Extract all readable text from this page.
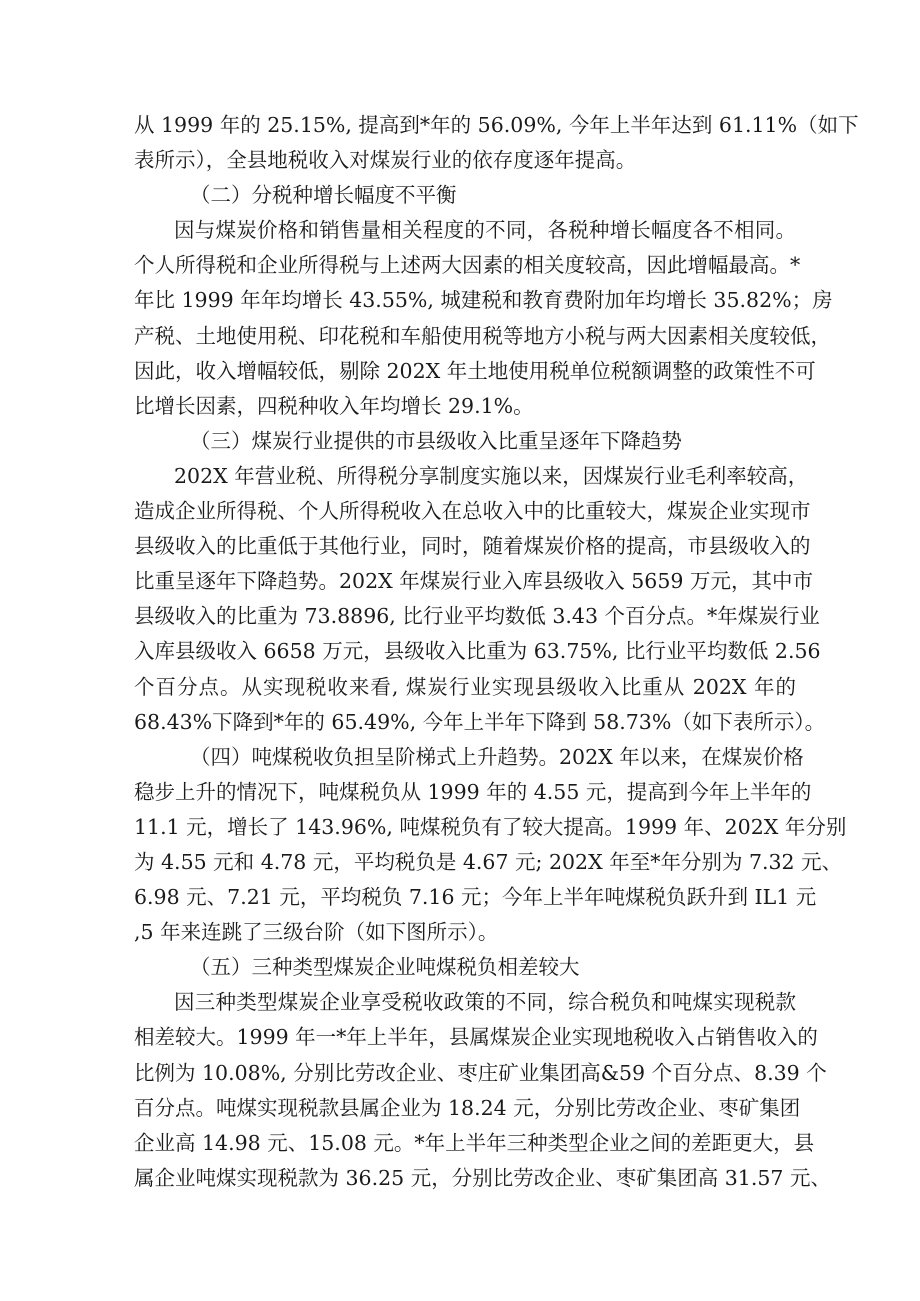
从 1999 年的 25.15%, 提高到*年的 56.09%, 今年上半年达到 61.11%（如下
表所示），全县地税收入对煤炭行业的依存度逐年提高。
（二）分税种增长幅度不平衡
因与煤炭价格和销售量相关程度的不同，各税种增长幅度各不相同。
个人所得税和企业所得税与上述两大因素的相关度较高，因此增幅最高。*
年比 1999 年年均增长 43.55%, 城建税和教育费附加年均增长 35.82%；房
产税、土地使用税、印花税和车船使用税等地方小税与两大因素相关度较低，
因此，收入增幅较低，剔除 202X 年土地使用税单位税额调整的政策性不可
比增长因素，四税种收入年均增长 29.1%。
（三）煤炭行业提供的市县级收入比重呈逐年下降趋势
202X 年营业税、所得税分享制度实施以来，因煤炭行业毛利率较高，
造成企业所得税、个人所得税收入在总收入中的比重较大，煤炭企业实现市
县级收入的比重低于其他行业，同时，随着煤炭价格的提高，市县级收入的
比重呈逐年下降趋势。202X 年煤炭行业入库县级收入 5659 万元，其中市
县级收入的比重为 73.8896, 比行业平均数低 3.43 个百分点。*年煤炭行业
入库县级收入 6658 万元，县级收入比重为 63.75%, 比行业平均数低 2.56
个百分点。从实现税收来看, 煤炭行业实现县级收入比重从 202X 年的
68.43%下降到*年的 65.49%, 今年上半年下降到 58.73%（如下表所示）。
（四）吨煤税收负担呈阶梯式上升趋势。202X 年以来，在煤炭价格
稳步上升的情况下，吨煤税负从 1999 年的 4.55 元，提高到今年上半年的
11.1 元，增长了 143.96%, 吨煤税负有了较大提高。1999 年、202X 年分别
为 4.55 元和 4.78 元，平均税负是 4.67 元; 202X 年至*年分别为 7.32 元、
6.98 元、7.21 元，平均税负 7.16 元；今年上半年吨煤税负跃升到 IL1 元
,5 年来连跳了三级台阶（如下图所示）。
（五）三种类型煤炭企业吨煤税负相差较大
因三种类型煤炭企业享受税收政策的不同，综合税负和吨煤实现税款
相差较大。1999 年一*年上半年，县属煤炭企业实现地税收入占销售收入的
比例为 10.08%, 分别比劳改企业、枣庄矿业集团高&59 个百分点、8.39 个
百分点。吨煤实现税款县属企业为 18.24 元，分别比劳改企业、枣矿集团
企业高 14.98 元、15.08 元。*年上半年三种类型企业之间的差距更大，县
属企业吨煤实现税款为 36.25 元，分别比劳改企业、枣矿集团高 31.57 元、
